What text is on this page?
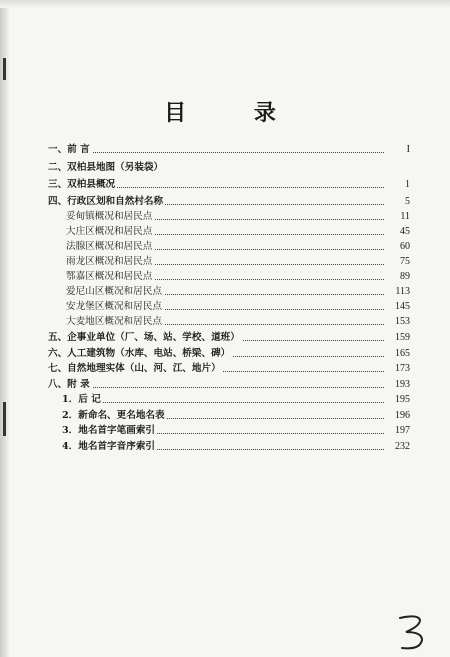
目 录
一、前 言	I
二、双柏县地图（另装袋）
三、双柏县概况	1
四、行政区划和自然村名称	5
妥甸镇概况和居民点	11
大庄区概况和居民点	45
法腺区概况和居民点	60
雨龙区概况和居民点	75
鄂嘉区概况和居民点	89
爱尼山区概况和居民点	113
安龙堡区概况和居民点	145
大麦地区概况和居民点	153
五、企事业单位（厂、场、站、学校、道班）	159
六、人工建筑物（水库、电站、桥梁、碑）	165
七、自然地理实体（山、河、江、地片）	173
八、附 录	193
1．后 记	195
2．新命名、更名地名表	196
3．地名首字笔画索引	197
4．地名首字音序索引	232
